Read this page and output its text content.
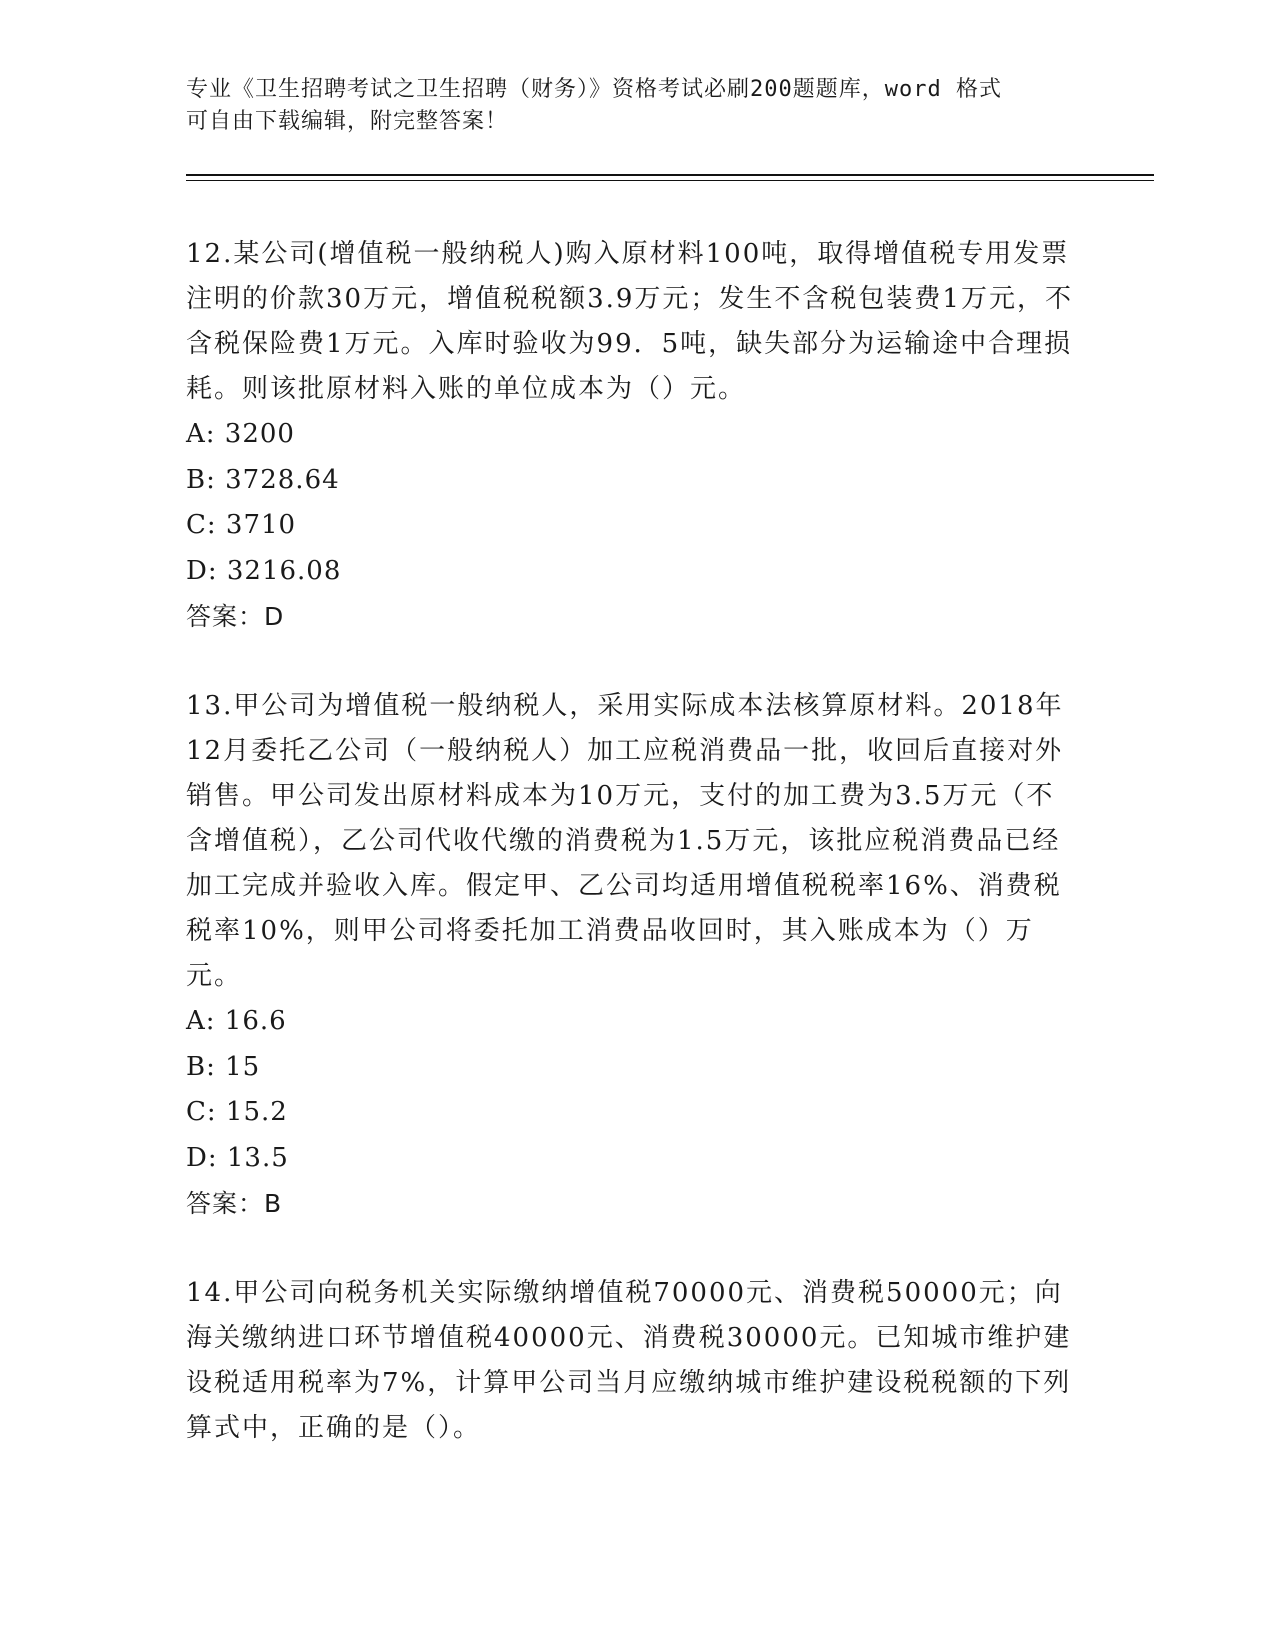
专业《卫生招聘考试之卫生招聘（财务）》资格考试必刷200题题库，word 格式
可自由下载编辑，附完整答案！
12.某公司(增值税一般纳税人)购入原材料100吨，取得增值税专用发票注明的价款30万元，增值税税额3.9万元；发生不含税包装费1万元，不含税保险费1万元。入库时验收为99．5吨，缺失部分为运输途中合理损耗。则该批原材料入账的单位成本为（）元。
A: 3200
B: 3728.64
C: 3710
D: 3216.08
答案：D
13.甲公司为增值税一般纳税人，采用实际成本法核算原材料。2018年12月委托乙公司（一般纳税人）加工应税消费品一批，收回后直接对外销售。甲公司发出原材料成本为10万元，支付的加工费为3.5万元（不含增值税），乙公司代收代缴的消费税为1.5万元，该批应税消费品已经加工完成并验收入库。假定甲、乙公司均适用增值税税率16%、消费税税率10%，则甲公司将委托加工消费品收回时，其入账成本为（）万元。
A: 16.6
B: 15
C: 15.2
D: 13.5
答案：B
14.甲公司向税务机关实际缴纳增值税70000元、消费税50000元；向海关缴纳进口环节增值税40000元、消费税30000元。已知城市维护建设税适用税率为7%，计算甲公司当月应缴纳城市维护建设税税额的下列算式中，正确的是（）。
